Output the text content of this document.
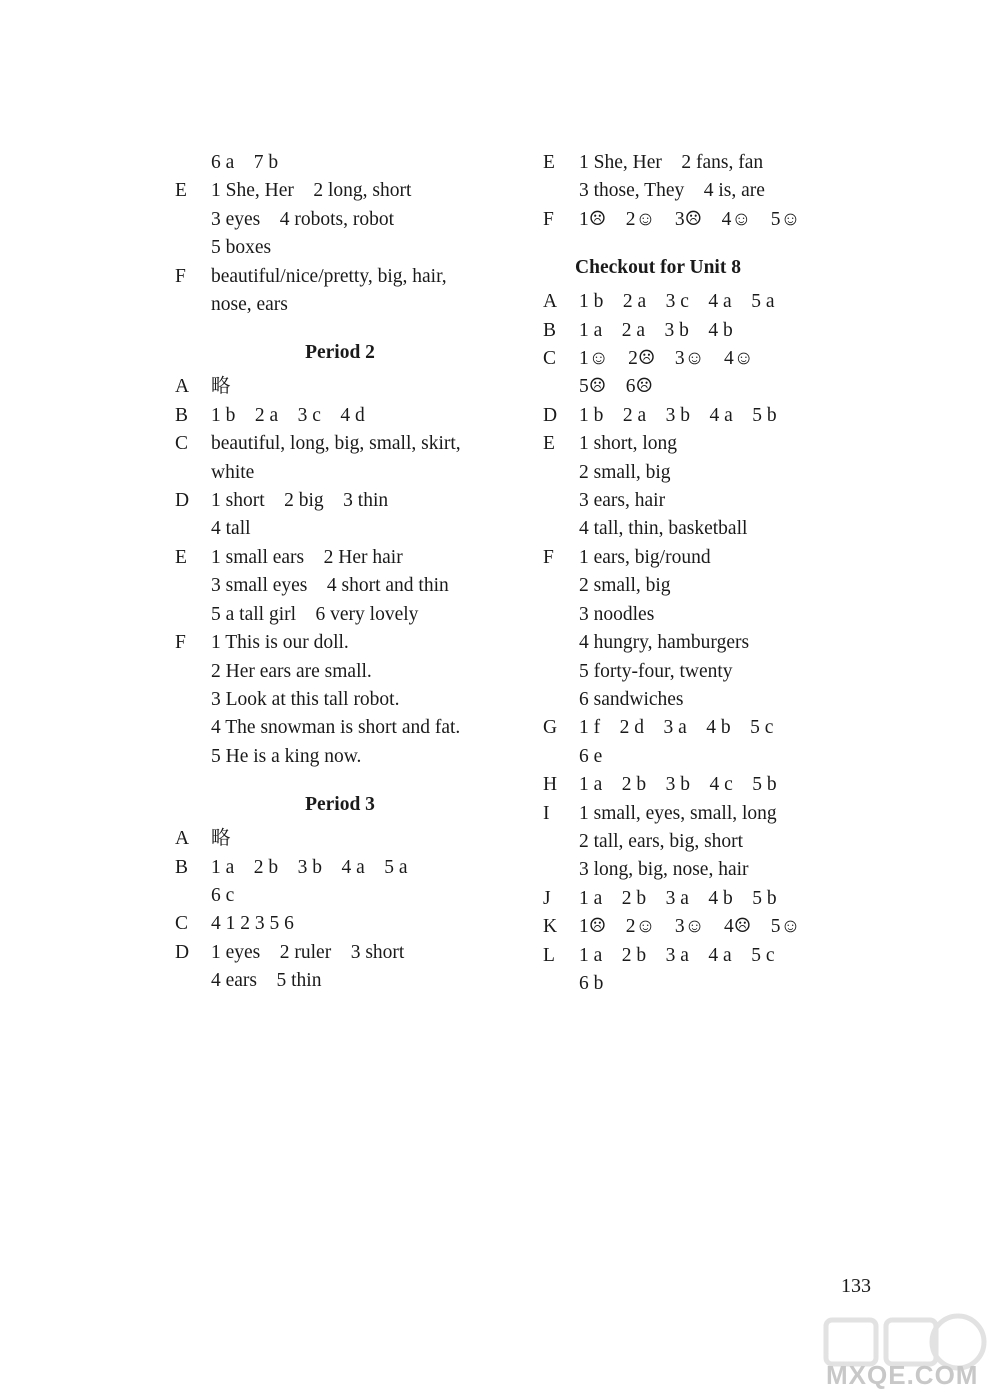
6 a　7 b
E	1 She, Her　2 long, short
3 eyes　4 robots, robot
5 boxes
F	beautiful/nice/pretty, big, hair,
nose, ears
Period 2
A	略
B	1 b　2 a　3 c　4 d
C	beautiful, long, big, small, skirt,
white
D	1 short　2 big　3 thin
4 tall
E	1 small ears　2 Her hair
3 small eyes　4 short and thin
5 a tall girl　6 very lovely
F	1 This is our doll.
2 Her ears are small.
3 Look at this tall robot.
4 The snowman is short and fat.
5 He is a king now.
Period 3
A	略
B	1 a　2 b　3 b　4 a　5 a
6 c
C	4 1 2 3 5 6
D	1 eyes　2 ruler　3 short
4 ears　5 thin
E	1 She, Her　2 fans, fan
3 those, They　4 is, are
F	1☹　2☺　3☹　4☺　5☺
Checkout for Unit 8
A	1 b　2 a　3 c　4 a　5 a
B	1 a　2 a　3 b　4 b
C	1☺　2☹　3☺　4☺
5☹　6☹
D	1 b　2 a　3 b　4 a　5 b
E	1 short, long
2 small, big
3 ears, hair
4 tall, thin, basketball
F	1 ears, big/round
2 small, big
3 noodles
4 hungry, hamburgers
5 forty-four, twenty
6 sandwiches
G	1 f　2 d　3 a　4 b　5 c
6 e
H	1 a　2 b　3 b　4 c　5 b
I	1 small, eyes, small, long
2 tall, ears, big, short
3 long, big, nose, hair
J	1 a　2 b　3 a　4 b　5 b
K	1☹　2☺　3☺　4☹　5☺
L	1 a　2 b　3 a　4 a　5 c
6 b
133
MXQE.COM
